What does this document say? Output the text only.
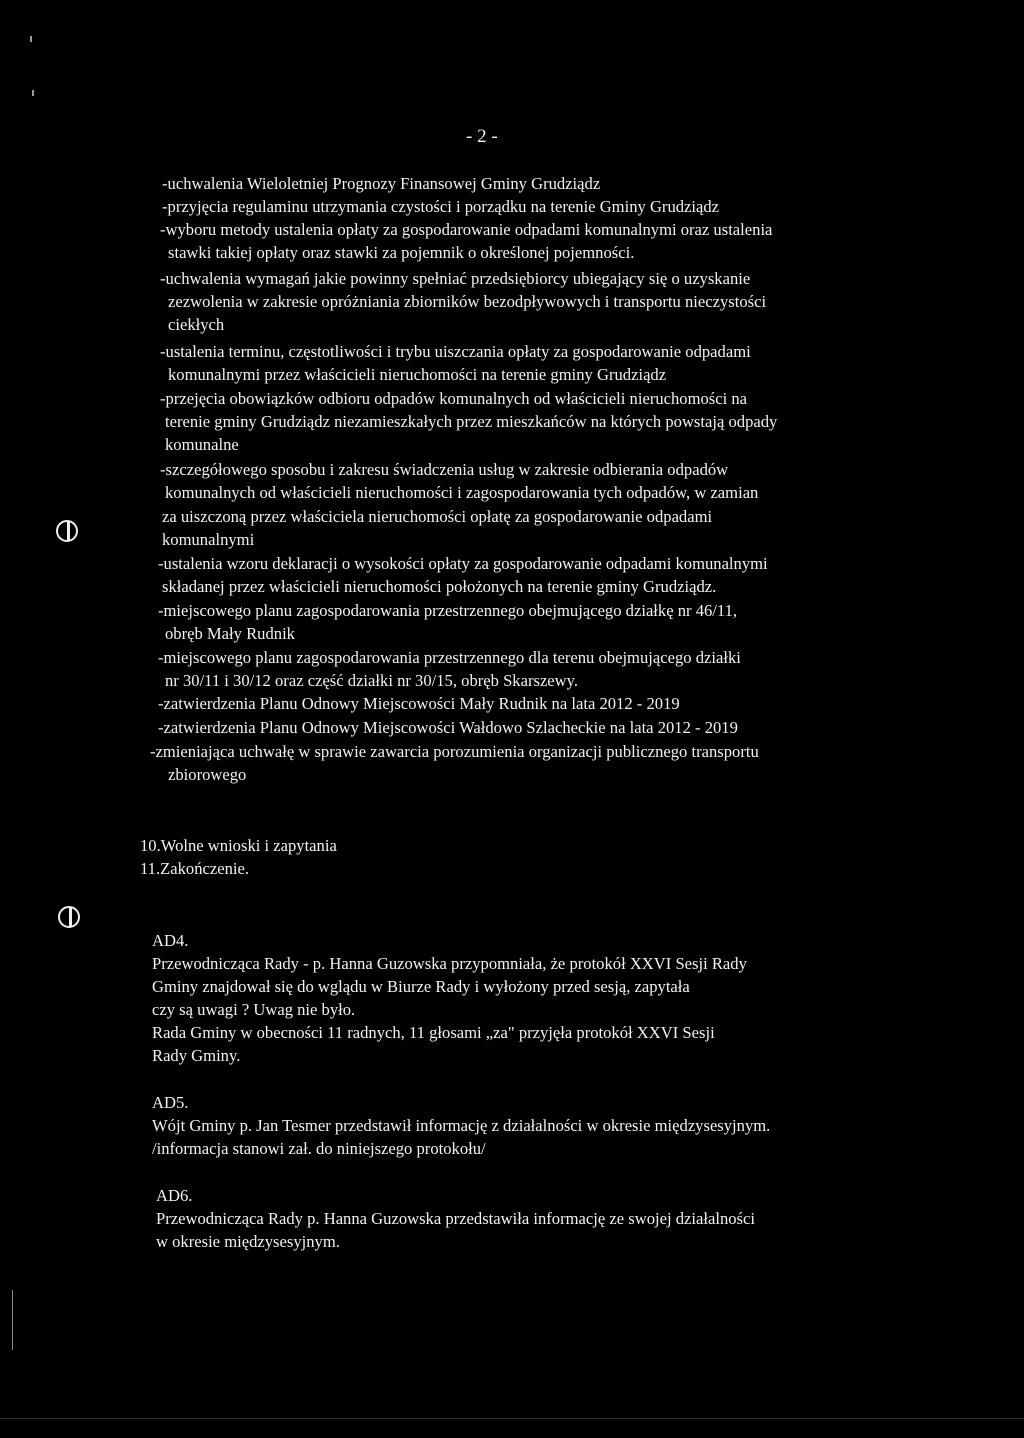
- 2 -
-uchwalenia Wieloletniej Prognozy Finansowej Gminy Grudziądz
-przyjęcia regulaminu utrzymania czystości i porządku na terenie Gminy Grudziądz
-wyboru metody ustalenia opłaty za gospodarowanie odpadami komunalnymi oraz ustalenia
stawki takiej opłaty oraz stawki za pojemnik o określonej pojemności.
-uchwalenia wymagań jakie powinny spełniać przedsiębiorcy ubiegający się o uzyskanie
zezwolenia w zakresie opróżniania zbiorników bezodpływowych i transportu nieczystości
ciekłych
-ustalenia terminu, częstotliwości i trybu uiszczania opłaty za gospodarowanie odpadami
komunalnymi przez właścicieli nieruchomości na terenie gminy Grudziądz
-przejęcia obowiązków odbioru odpadów komunalnych od właścicieli nieruchomości na
terenie gminy Grudziądz niezamieszkałych przez mieszkańców na których powstają odpady
komunalne
-szczegółowego sposobu i zakresu świadczenia usług w zakresie odbierania odpadów
komunalnych od właścicieli nieruchomości i zagospodarowania tych odpadów, w zamian
za uiszczoną przez właściciela nieruchomości opłatę za gospodarowanie odpadami
komunalnymi
-ustalenia wzoru deklaracji o wysokości opłaty za gospodarowanie odpadami komunalnymi
składanej przez właścicieli nieruchomości położonych na terenie gminy Grudziądz.
-miejscowego planu zagospodarowania przestrzennego obejmującego działkę nr 46/11,
obręb Mały Rudnik
-miejscowego planu zagospodarowania przestrzennego dla terenu obejmującego działki
nr 30/11 i 30/12 oraz część działki nr 30/15, obręb Skarszewy.
-zatwierdzenia Planu Odnowy Miejscowości Mały Rudnik na lata 2012 - 2019
-zatwierdzenia Planu Odnowy Miejscowości Wałdowo Szlacheckie na lata 2012 - 2019
-zmieniająca uchwałę w sprawie zawarcia porozumienia organizacji publicznego transportu
zbiorowego
10.Wolne wnioski i zapytania
11.Zakończenie.
AD4.
Przewodnicząca Rady - p. Hanna Guzowska przypomniała, że protokół XXVI Sesji Rady
Gminy znajdował się do wglądu w Biurze Rady i wyłożony przed sesją, zapytała
czy są uwagi ? Uwag nie było.
Rada Gminy w obecności 11 radnych, 11 głosami „za" przyjęła protokół XXVI Sesji
Rady Gminy.
AD5.
Wójt Gminy p. Jan Tesmer przedstawił informację z działalności w okresie międzysesyjnym.
/informacja stanowi zał. do niniejszego protokołu/
AD6.
Przewodnicząca Rady p. Hanna Guzowska przedstawiła informację ze swojej działalności
w okresie międzysesyjnym.
